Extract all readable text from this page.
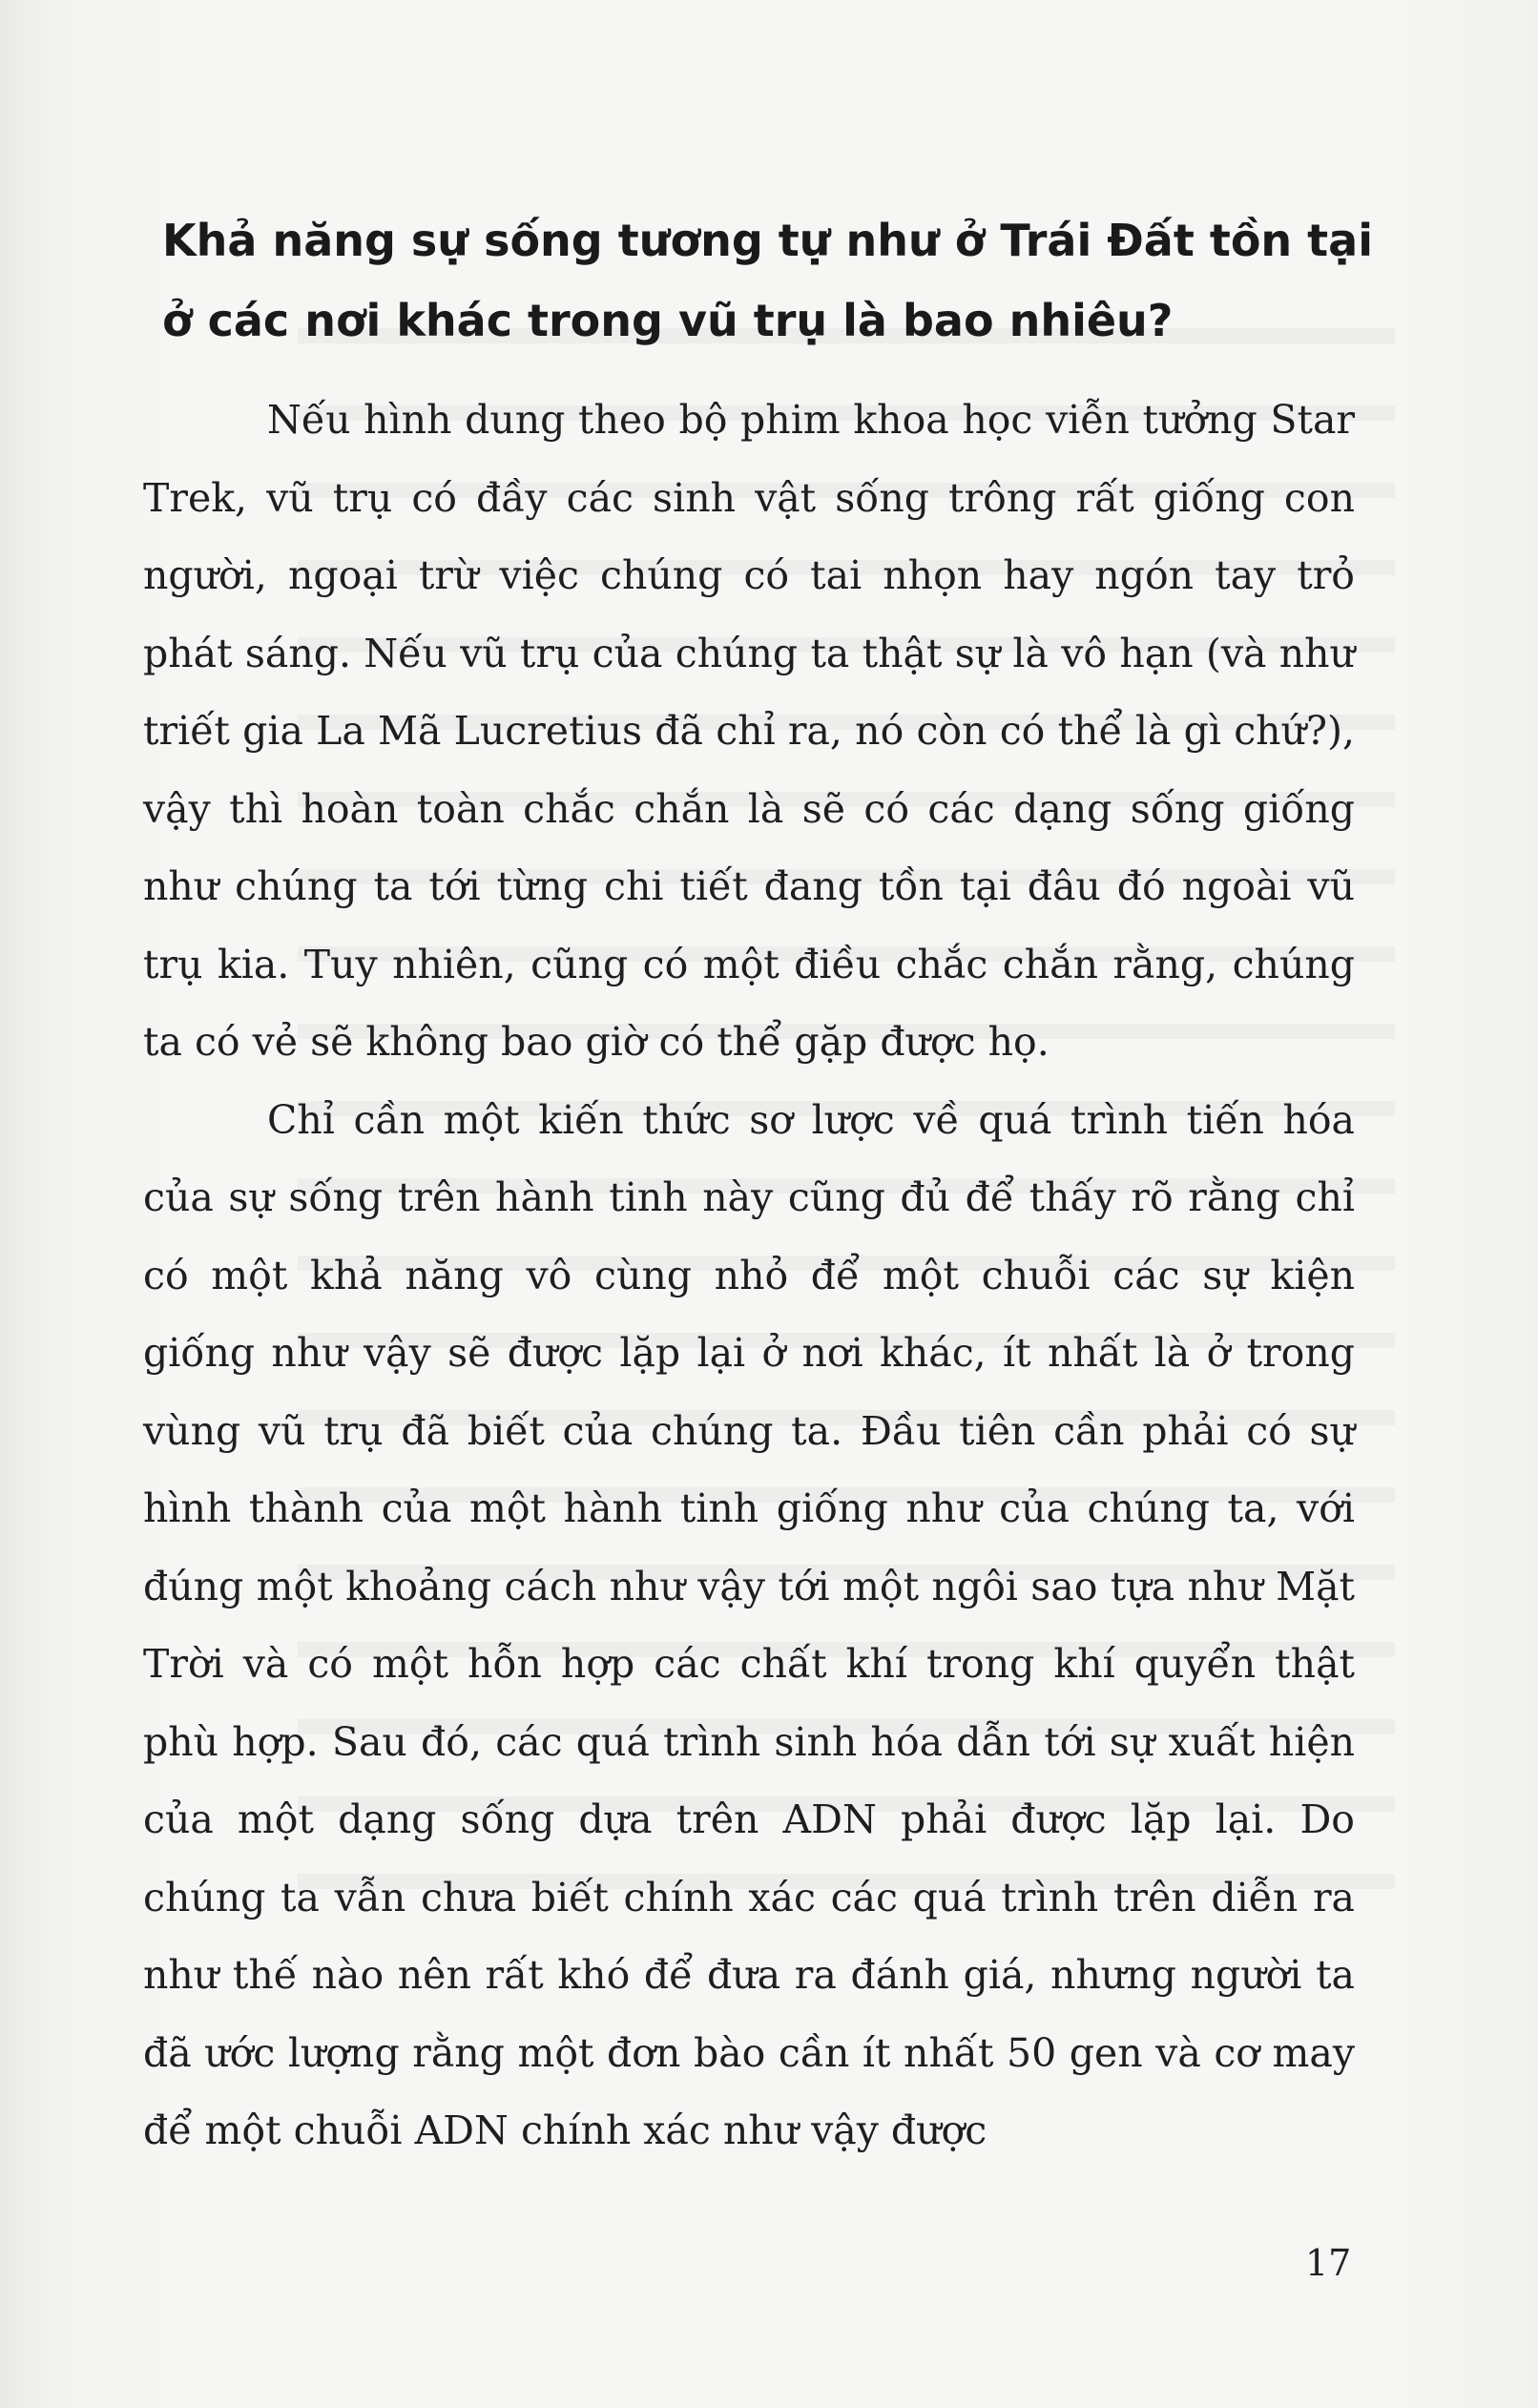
Khả năng sự sống tương tự như ở Trái Đất tồn tại ở các nơi khác trong vũ trụ là bao nhiêu?

Nếu hình dung theo bộ phim khoa học viễn tưởng Star Trek, vũ trụ có đầy các sinh vật sống trông rất giống con người, ngoại trừ việc chúng có tai nhọn hay ngón tay trỏ phát sáng. Nếu vũ trụ của chúng ta thật sự là vô hạn (và như triết gia La Mã Lucretius đã chỉ ra, nó còn có thể là gì chứ?), vậy thì hoàn toàn chắc chắn là sẽ có các dạng sống giống như chúng ta tới từng chi tiết đang tồn tại đâu đó ngoài vũ trụ kia. Tuy nhiên, cũng có một điều chắc chắn rằng, chúng ta có vẻ sẽ không bao giờ có thể gặp được họ.

Chỉ cần một kiến thức sơ lược về quá trình tiến hóa của sự sống trên hành tinh này cũng đủ để thấy rõ rằng chỉ có một khả năng vô cùng nhỏ để một chuỗi các sự kiện giống như vậy sẽ được lặp lại ở nơi khác, ít nhất là ở trong vùng vũ trụ đã biết của chúng ta. Đầu tiên cần phải có sự hình thành của một hành tinh giống như của chúng ta, với đúng một khoảng cách như vậy tới một ngôi sao tựa như Mặt Trời và có một hỗn hợp các chất khí trong khí quyển thật phù hợp. Sau đó, các quá trình sinh hóa dẫn tới sự xuất hiện của một dạng sống dựa trên ADN phải được lặp lại. Do chúng ta vẫn chưa biết chính xác các quá trình trên diễn ra như thế nào nên rất khó để đưa ra đánh giá, nhưng người ta đã ước lượng rằng một đơn bào cần ít nhất 50 gen và cơ may để một chuỗi ADN chính xác như vậy được

17
